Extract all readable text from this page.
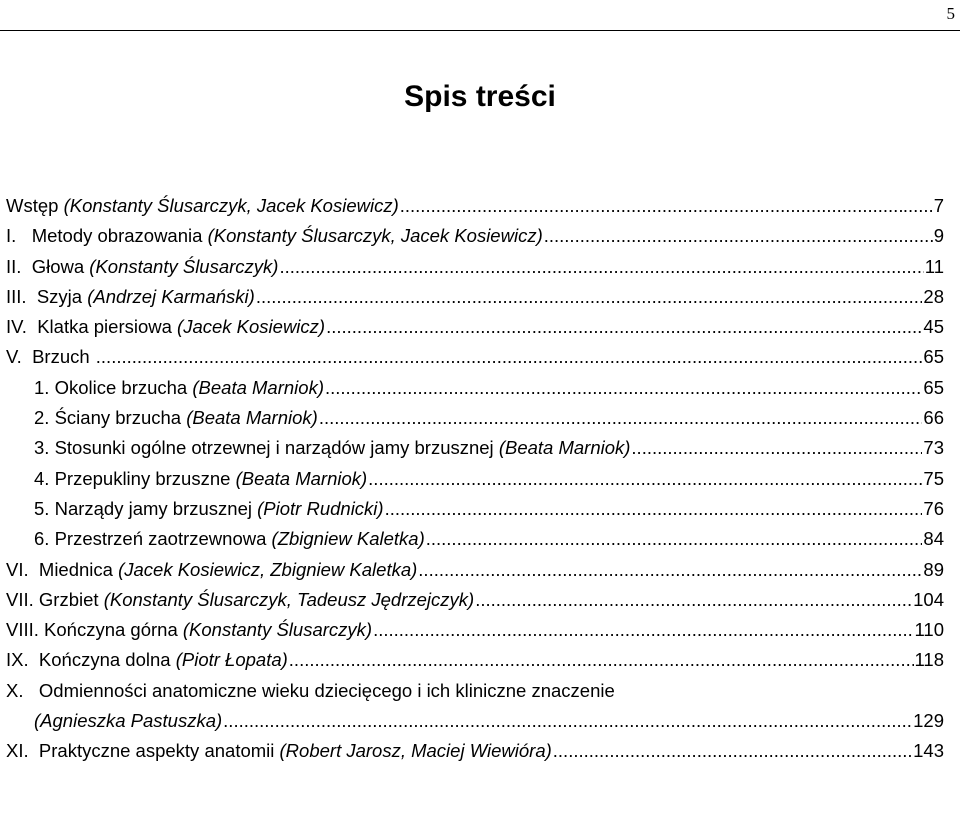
5
Spis treści
Wstęp (Konstanty Ślusarczyk, Jacek Kosiewicz) .....	......7
I.   Metody obrazowania (Konstanty Ślusarczyk, Jacek Kosiewicz) .....	9
II.  Głowa (Konstanty Ślusarczyk) .....	11
III.  Szyja (Andrzej Karmański) .....	28
IV.  Klatka piersiowa (Jacek Kosiewicz) .....	45
V.  Brzuch .....	65
1. Okolice brzucha (Beata Marniok) .....	65
2. Ściany brzucha (Beata Marniok) .....	66
3. Stosunki ogólne otrzewnej i narządów jamy brzusznej (Beata Marniok) .....	73
4. Przepukliny brzuszne (Beata Marniok) .....	75
5. Narządy jamy brzusznej (Piotr Rudnicki) .....	76
6. Przestrzeń zaotrzewnowa (Zbigniew Kaletka) .....	84
VI.  Miednica (Jacek Kosiewicz, Zbigniew Kaletka) .....	89
VII. Grzbiet (Konstanty Ślusarczyk, Tadeusz Jędrzejczyk) .....	104
VIII. Kończyna górna (Konstanty Ślusarczyk) .....	110
IX.  Kończyna dolna (Piotr Łopata) .....	118
X.   Odmienności anatomiczne wieku dziecięcego i ich kliniczne znaczenie
(Agnieszka Pastuszka) .....	129
XI.  Praktyczne aspekty anatomii (Robert Jarosz, Maciej Wiewióra) .....	143
